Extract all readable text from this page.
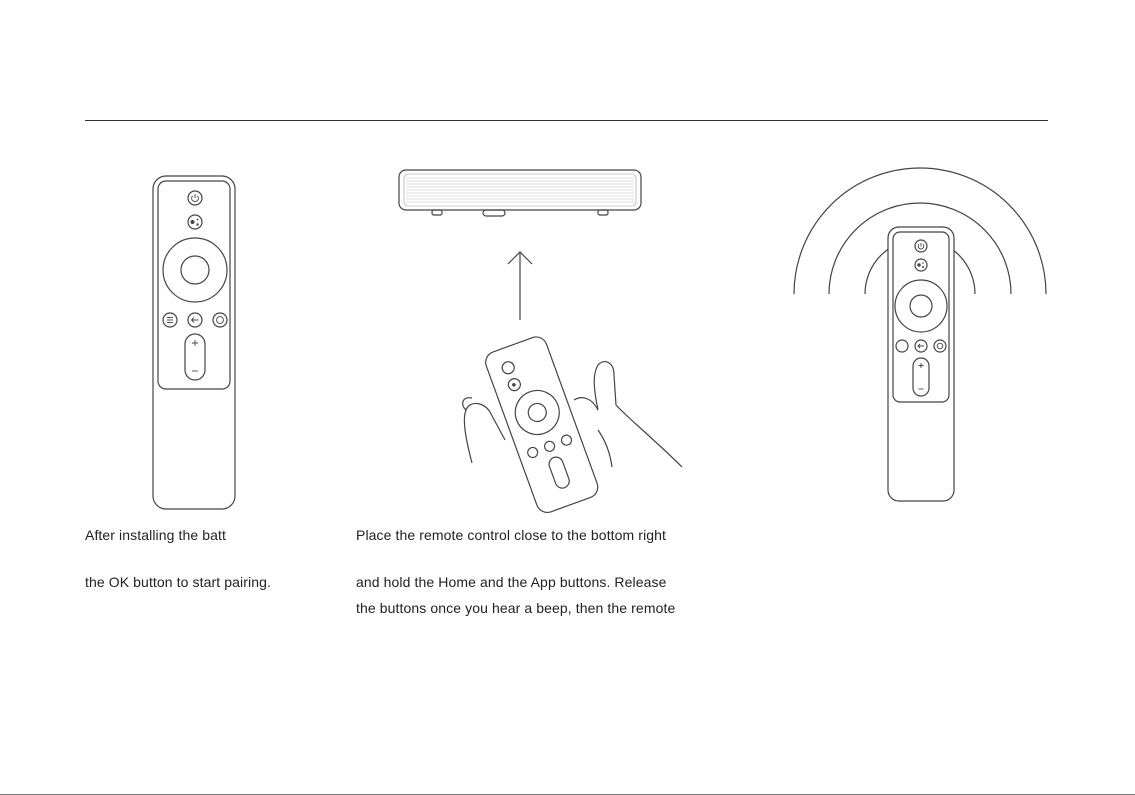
After installing the batt
the OK button to start pairing.
Place the remote control close to the bottom right
and hold the Home and the App buttons. Release
the buttons once you hear a beep, then the remote
